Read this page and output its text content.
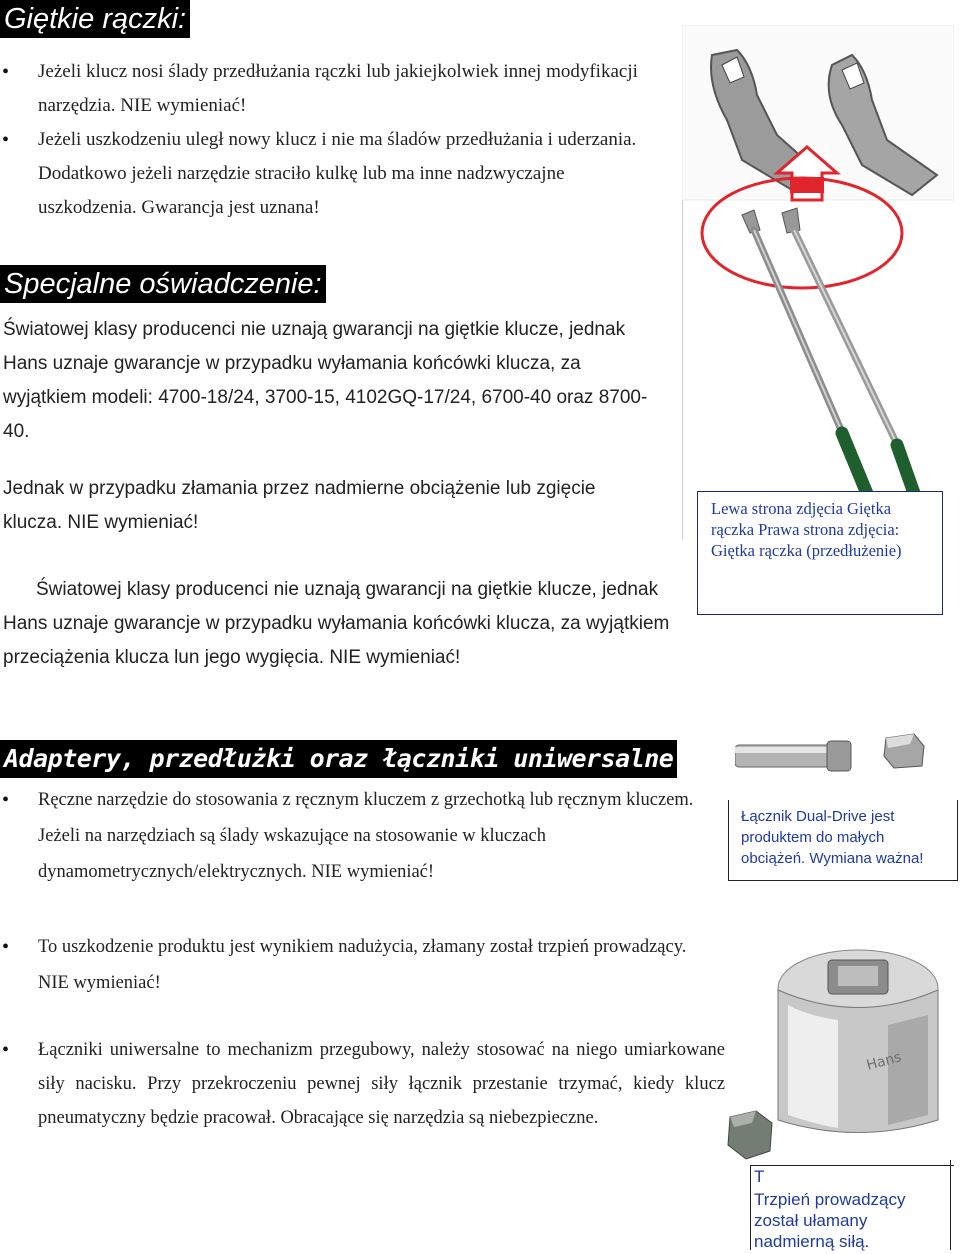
Giętkie rączki:
• Jeżeli klucz nosi ślady przedłużania rączki lub jakiejkolwiek innej modyfikacji narzędzia. NIE wymieniać!
• Jeżeli uszkodzeniu uległ nowy klucz i nie ma śladów przedłużania i uderzania. Dodatkowo jeżeli narzędzie straciło kulkę lub ma inne nadzwyczajne uszkodzenia. Gwarancja jest uznana!
Specjalne oświadczenie:
Światowej klasy producenci nie uznają gwarancji na giętkie klucze, jednak Hans uznaje gwarancje w przypadku wyłamania końcówki klucza, za wyjątkiem modeli: 4700-18/24, 3700-15, 4102GQ-17/24, 6700-40 oraz 8700-40.
Jednak w przypadku złamania przez nadmierne obciążenie lub zgięcie klucza. NIE wymieniać!
Światowej klasy producenci nie uznają gwarancji na giętkie klucze, jednak Hans uznaje gwarancje w przypadku wyłamania końcówki klucza, za wyjątkiem przeciążenia klucza lun jego wygięcia. NIE wymieniać!
Lewa strona zdjęcia Giętka rączka Prawa strona zdjęcia: Giętka rączka (przedłużenie)
Adaptery, przedłużki oraz łączniki uniwersalne
Łącznik Dual-Drive jest produktem do małych obciążeń. Wymiana ważna!
• Ręczne narzędzie do stosowania z ręcznym kluczem z grzechotką lub ręcznym kluczem. Jeżeli na narzędziach są ślady wskazujące na stosowanie w kluczach dynamometrycznych/elektrycznych. NIE wymieniać!
• To uszkodzenie produktu jest wynikiem nadużycia, złamany został trzpień prowadzący. NIE wymieniać!
• Łączniki uniwersalne to mechanizm przegubowy, należy stosować na niego umiarkowane siły nacisku. Przy przekroczeniu pewnej siły łącznik przestanie trzymać, kiedy klucz pneumatyczny będzie pracował. Obracające się narzędzia są niebezpieczne.
Hans
T
Trzpień prowadzący został ułamany nadmierną siłą.
